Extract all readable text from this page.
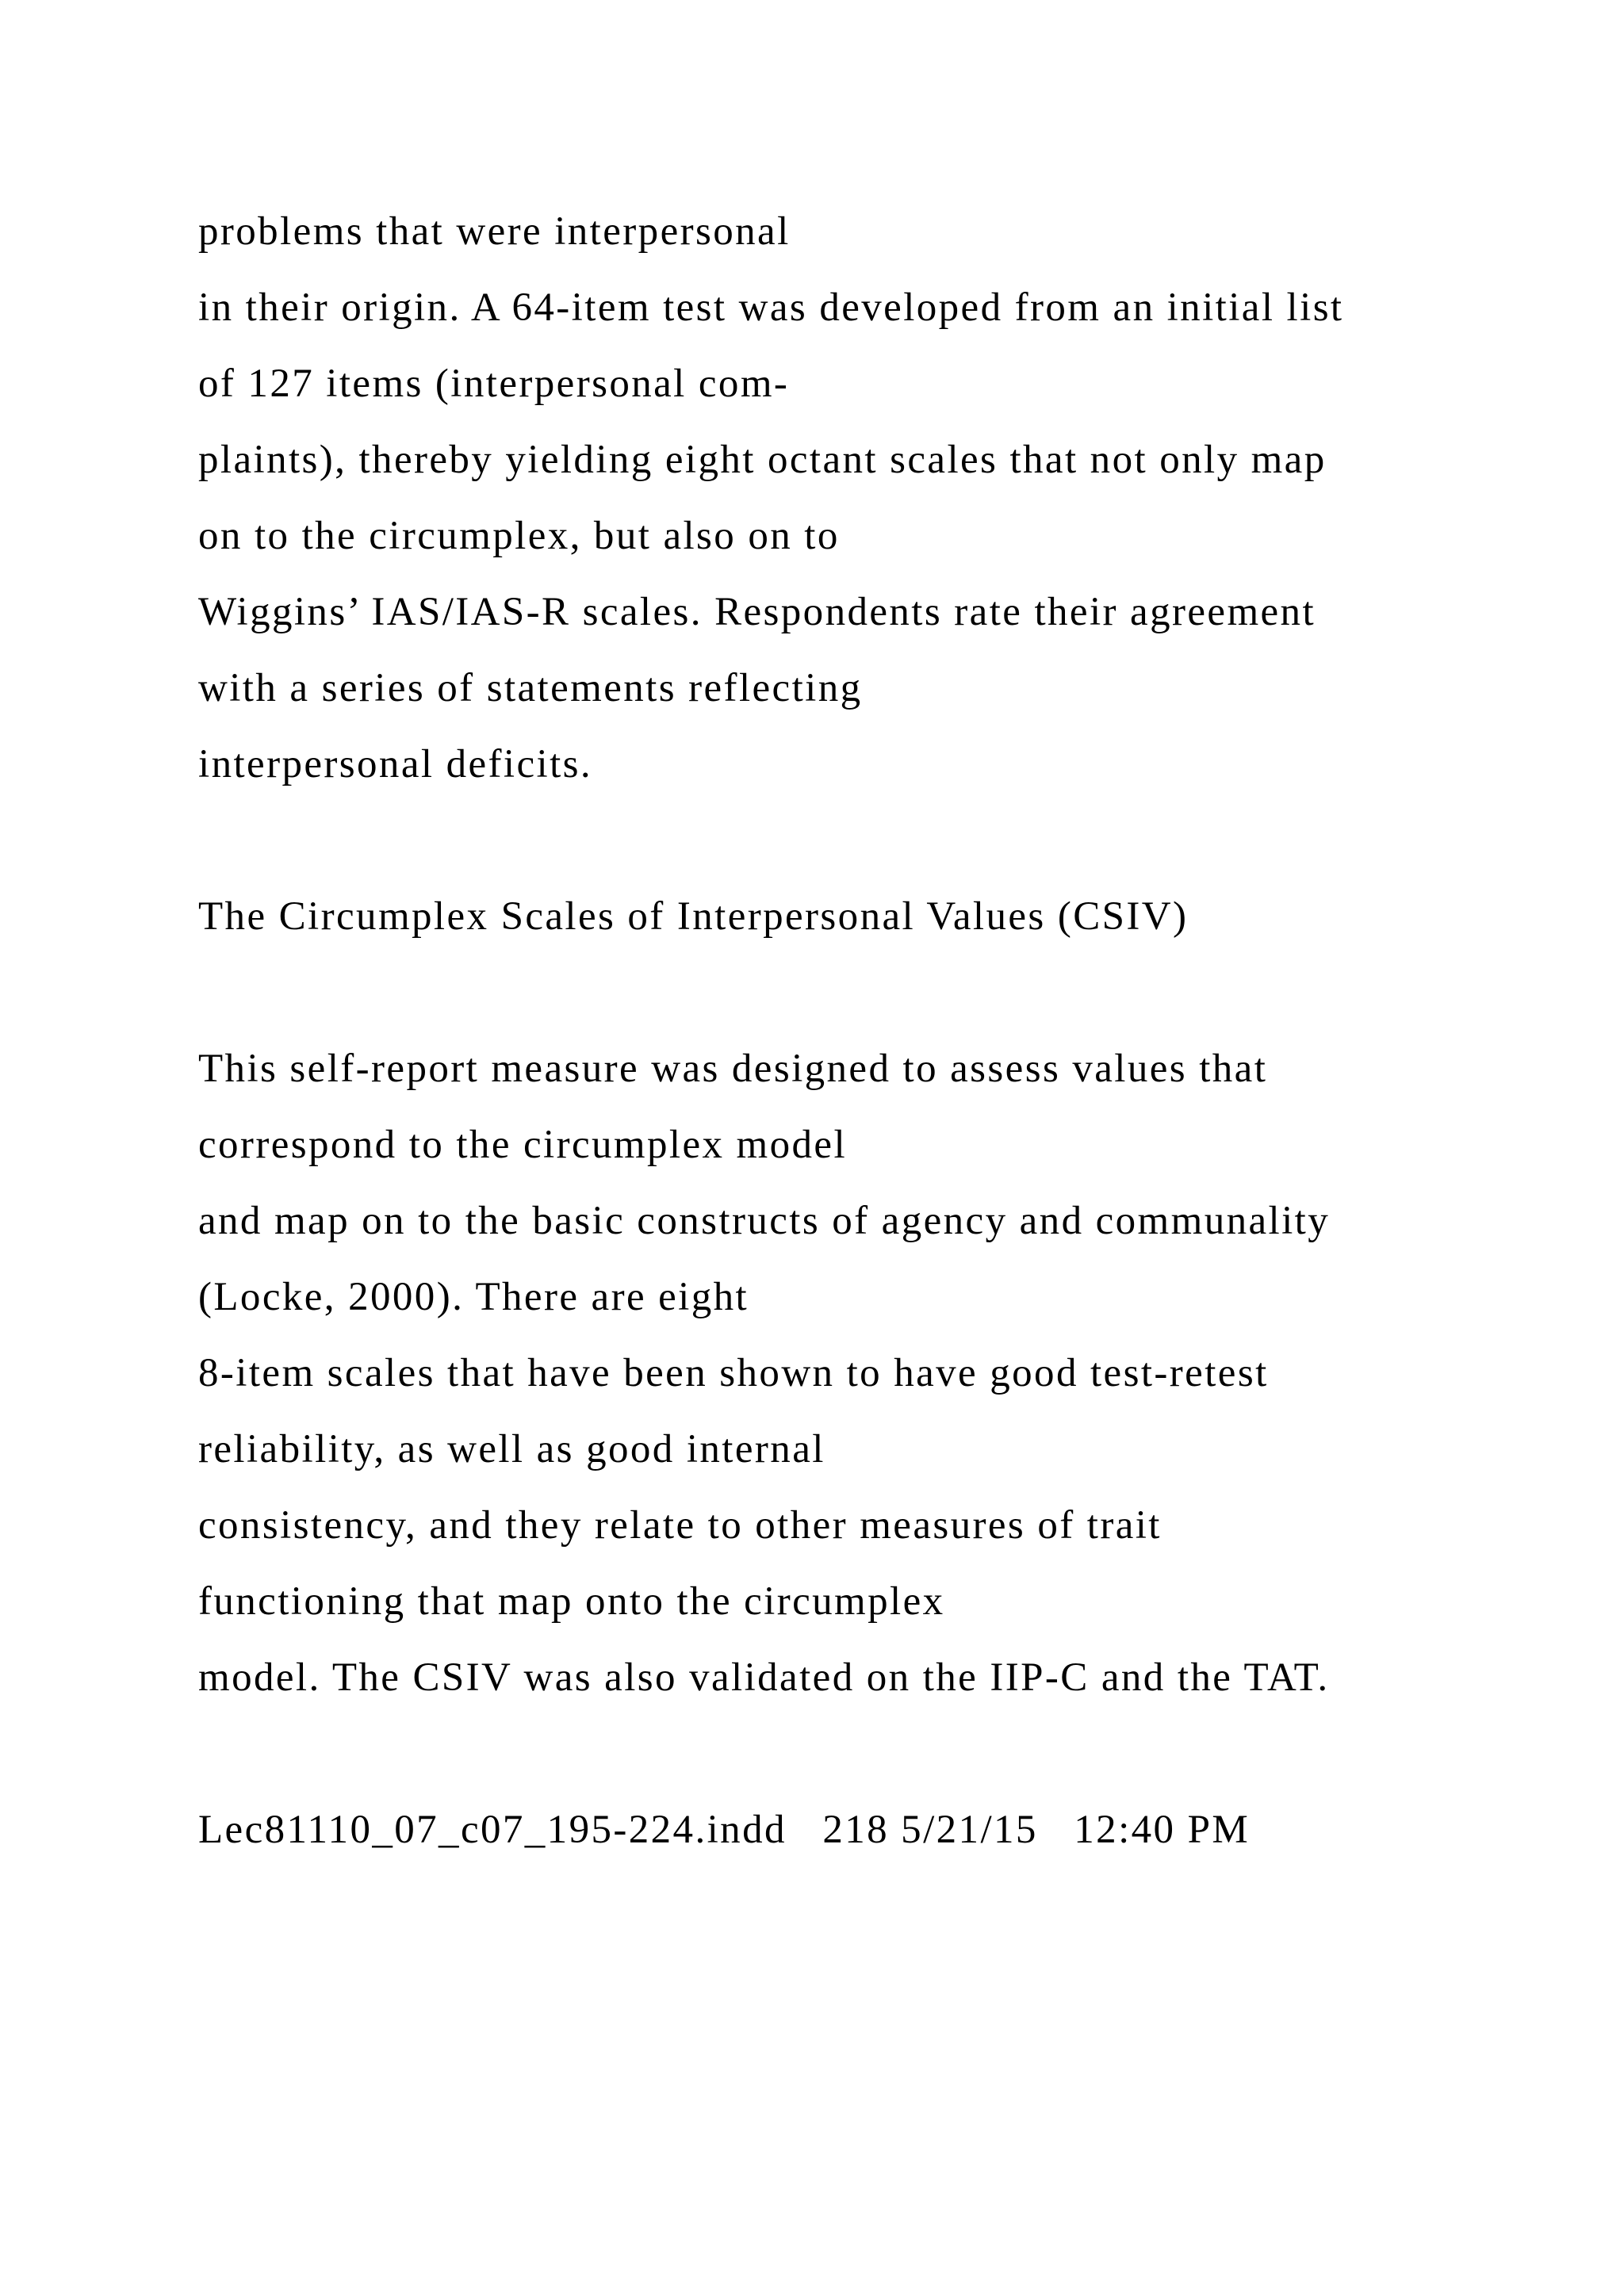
problems that were interpersonal
in their origin. A 64-item test was developed from an initial list
of 127 items (interpersonal com-
plaints), thereby yielding eight octant scales that not only map
on to the circumplex, but also on to
Wiggins’ IAS/IAS-R scales. Respondents rate their agreement
with a series of statements reflecting
interpersonal deficits.
The Circumplex Scales of Interpersonal Values (CSIV)
This self-report measure was designed to assess values that
correspond to the circumplex model
and map on to the basic constructs of agency and communality
(Locke, 2000). There are eight
8-item scales that have been shown to have good test-retest
reliability, as well as good internal
consistency, and they relate to other measures of trait
functioning that map onto the circumplex
model. The CSIV was also validated on the IIP-C and the TAT.
Lec81110_07_c07_195-224.indd   218 5/21/15   12:40 PM
